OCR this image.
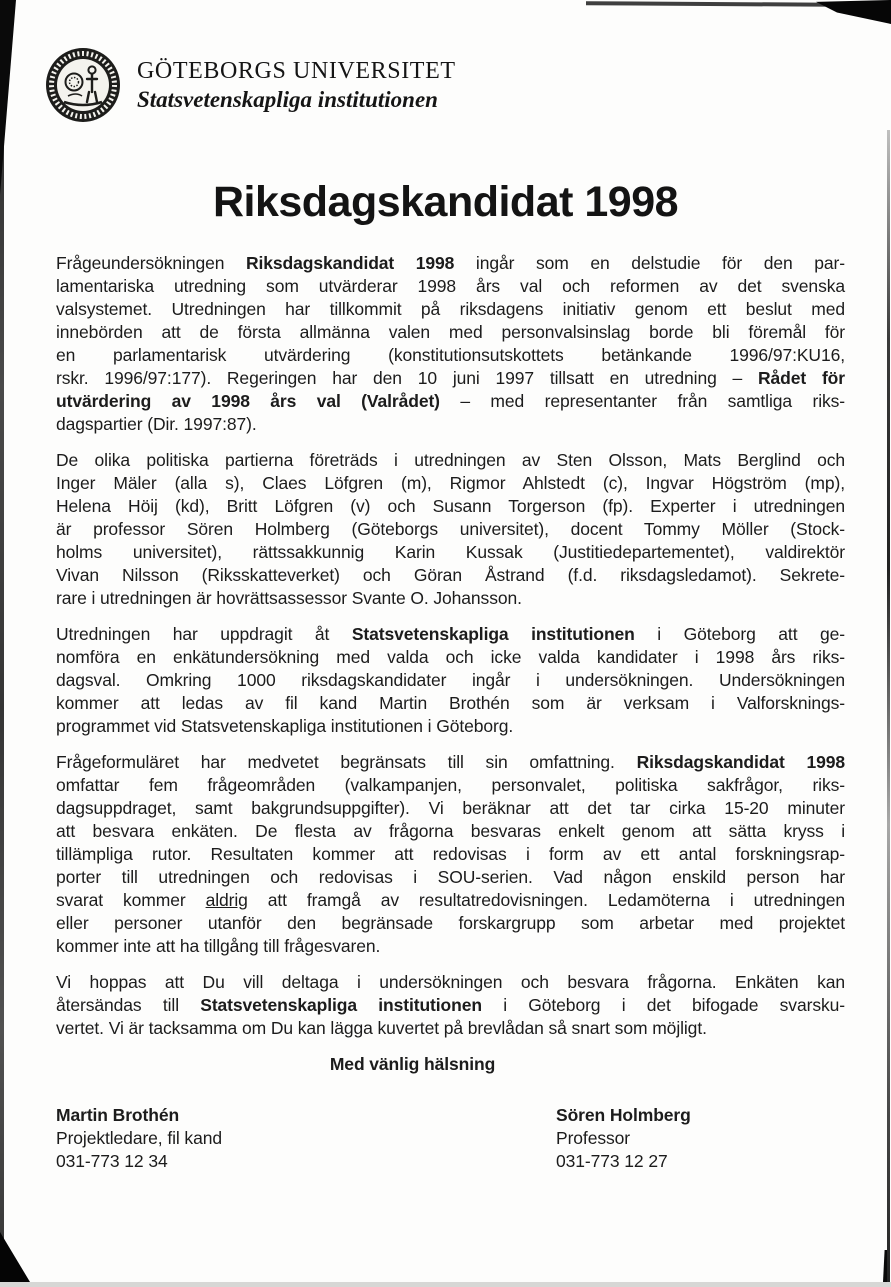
GÖTEBORGS UNIVERSITET
Statsvetenskapliga institutionen
Riksdagskandidat 1998
Frågeundersökningen Riksdagskandidat 1998 ingår som en delstudie för den par-
lamentariska utredning som utvärderar 1998 års val och reformen av det svenska
valsystemet. Utredningen har tillkommit på riksdagens initiativ genom ett beslut med
innebörden att de första allmänna valen med personvalsinslag borde bli föremål för
en parlamentarisk utvärdering (konstitutionsutskottets betänkande 1996/97:KU16,
rskr. 1996/97:177). Regeringen har den 10 juni 1997 tillsatt en utredning – Rådet för
utvärdering av 1998 års val (Valrådet) – med representanter från samtliga riks-
dagspartier (Dir. 1997:87).
De olika politiska partierna företräds i utredningen av Sten Olsson, Mats Berglind och
Inger Mäler (alla s), Claes Löfgren (m), Rigmor Ahlstedt (c), Ingvar Högström (mp),
Helena Höij (kd), Britt Löfgren (v) och Susann Torgerson (fp). Experter i utredningen
är professor Sören Holmberg (Göteborgs universitet), docent Tommy Möller (Stock-
holms universitet), rättssakkunnig Karin Kussak (Justitiedepartementet), valdirektör
Vivan Nilsson (Riksskatteverket) och Göran Åstrand (f.d. riksdagsledamot). Sekrete-
rare i utredningen är hovrättsassessor Svante O. Johansson.
Utredningen har uppdragit åt Statsvetenskapliga institutionen i Göteborg att ge-
nomföra en enkätundersökning med valda och icke valda kandidater i 1998 års riks-
dagsval. Omkring 1000 riksdagskandidater ingår i undersökningen. Undersökningen
kommer att ledas av fil kand Martin Brothén som är verksam i Valforsknings-
programmet vid Statsvetenskapliga institutionen i Göteborg.
Frågeformuläret har medvetet begränsats till sin omfattning. Riksdagskandidat 1998
omfattar fem frågeområden (valkampanjen, personvalet, politiska sakfrågor, riks-
dagsuppdraget, samt bakgrundsuppgifter). Vi beräknar att det tar cirka 15-20 minuter
att besvara enkäten. De flesta av frågorna besvaras enkelt genom att sätta kryss i
tillämpliga rutor. Resultaten kommer att redovisas i form av ett antal forskningsrap-
porter till utredningen och redovisas i SOU-serien. Vad någon enskild person har
svarat kommer aldrig att framgå av resultatredovisningen. Ledamöterna i utredningen
eller personer utanför den begränsade forskargrupp som arbetar med projektet
kommer inte att ha tillgång till frågesvaren.
Vi hoppas att Du vill deltaga i undersökningen och besvara frågorna. Enkäten kan
återsändas till Statsvetenskapliga institutionen i Göteborg i det bifogade svarsku-
vertet. Vi är tacksamma om Du kan lägga kuvertet på brevlådan så snart som möjligt.
Med vänlig hälsning
Martin Brothén
Projektledare, fil kand
031-773 12 34
Sören Holmberg
Professor
031-773 12 27
